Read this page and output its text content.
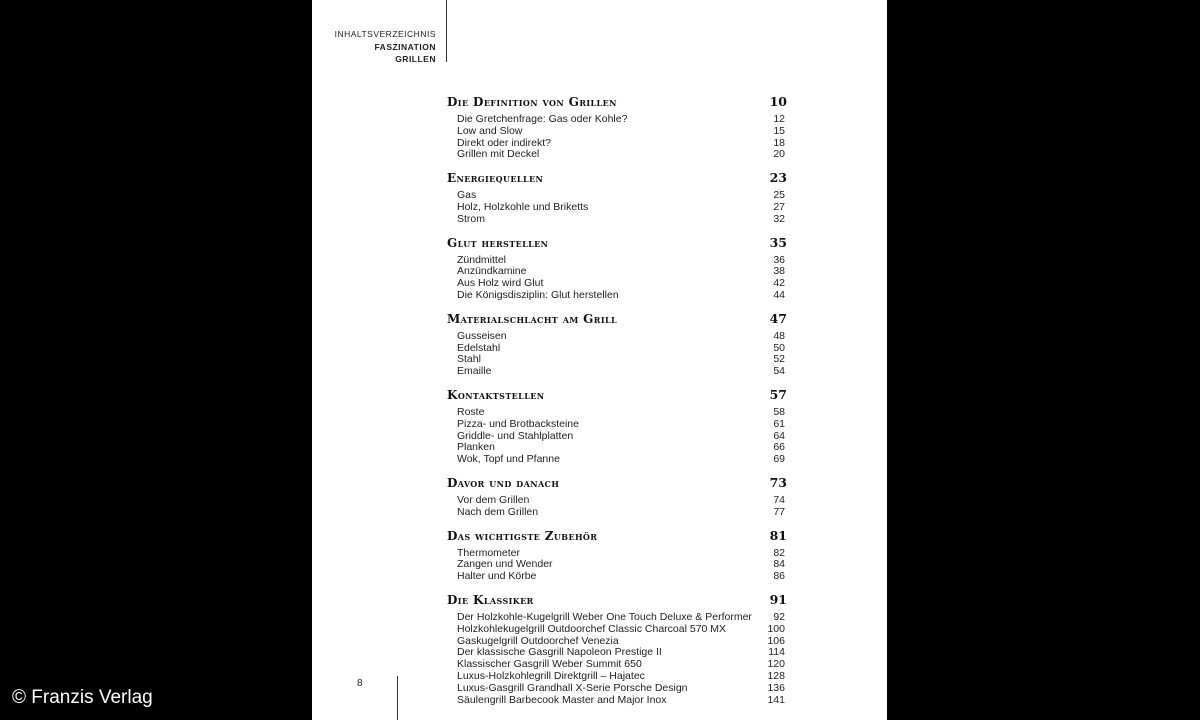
INHALTSVERZEICHNIS
FASZINATION
GRILLEN
Die Definition von Grillen	10
Die Gretchenfrage: Gas oder Kohle?	12
Low and Slow	15
Direkt oder indirekt?	18
Grillen mit Deckel	20
Energiequellen	23
Gas	25
Holz, Holzkohle und Briketts	27
Strom	32
Glut herstellen	35
Zündmittel	36
Anzündkamine	38
Aus Holz wird Glut	42
Die Königsdisziplin: Glut herstellen	44
Materialschlacht am Grill	47
Gusseisen	48
Edelstahl	50
Stahl	52
Emaille	54
Kontaktstellen	57
Roste	58
Pizza- und Brotbacksteine	61
Griddle- und Stahlplatten	64
Planken	66
Wok, Topf und Pfanne	69
Davor und danach	73
Vor dem Grillen	74
Nach dem Grillen	77
Das wichtigste Zubehör	81
Thermometer	82
Zangen und Wender	84
Halter und Körbe	86
Die Klassiker	91
Der Holzkohle-Kugelgrill Weber One Touch Deluxe & Performer	92
Holzkohlekugelgrill Outdoorchef Classic Charcoal 570 MX	100
Gaskugelgrill Outdoorchef Venezia	106
Der klassische Gasgrill Napoleon Prestige II	114
Klassischer Gasgrill Weber Summit 650	120
Luxus-Holzkohlegrill Direktgrill – Hajatec	128
Luxus-Gasgrill Grandhall X-Serie Porsche Design	136
Säulengrill Barbecook Master and Major Inox	141
8
© Franzis Verlag
